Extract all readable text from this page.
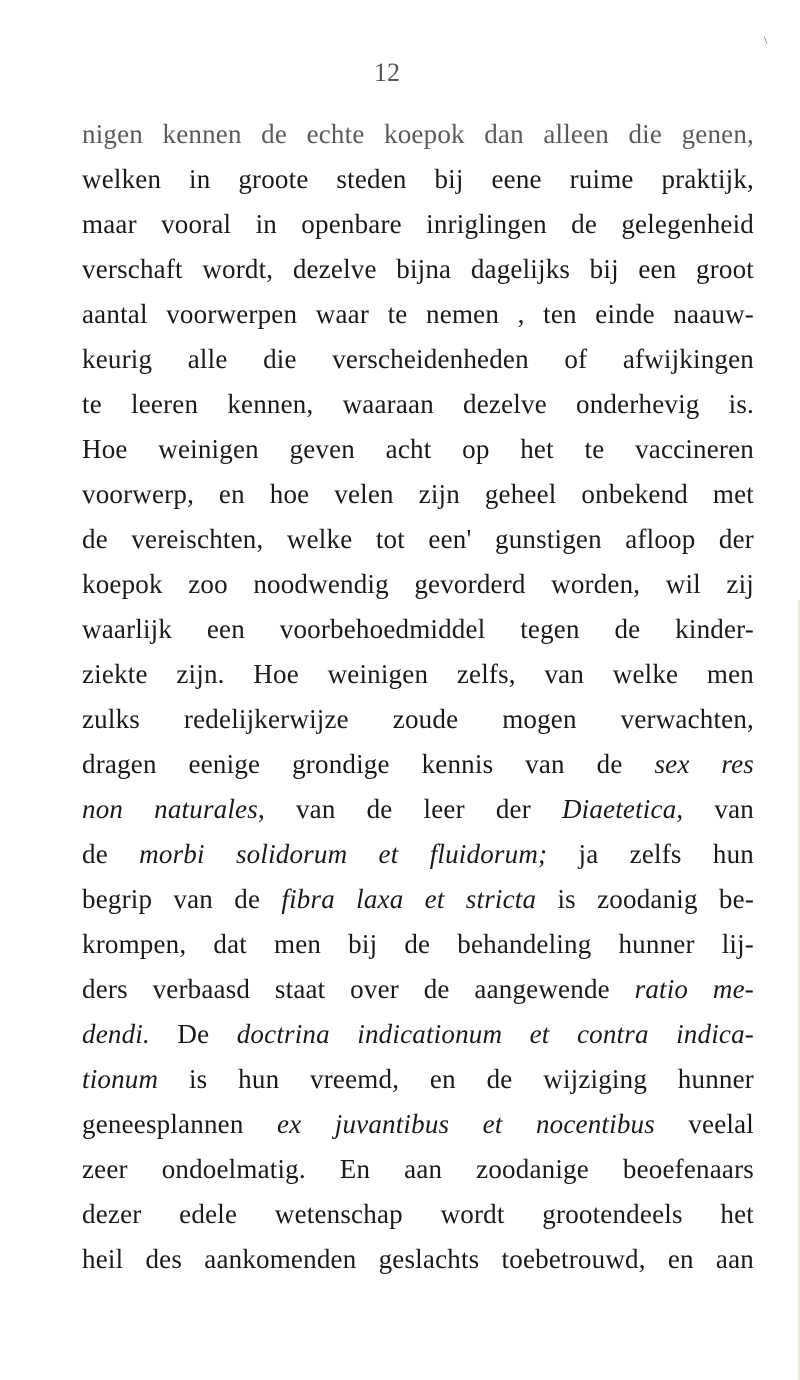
\
12
nigen kennen de echte koepok dan alleen die genen,
welken in groote steden bij eene ruime praktijk,
maar vooral in openbare inriglingen de gelegenheid
verschaft wordt, dezelve bijna dagelijks bij een groot
aantal voorwerpen waar te nemen , ten einde naauw-
keurig alle die verscheidenheden of afwijkingen
te leeren kennen, waaraan dezelve onderhevig is.
Hoe weinigen geven acht op het te vaccineren
voorwerp, en hoe velen zijn geheel onbekend met
de vereischten, welke tot een' gunstigen afloop der
koepok zoo noodwendig gevorderd worden, wil zij
waarlijk een voorbehoedmiddel tegen de kinder-
ziekte zijn. Hoe weinigen zelfs, van welke men
zulks redelijkerwijze zoude mogen verwachten,
dragen eenige grondige kennis van de sex res
non naturales, van de leer der Diaetetica, van
de morbi solidorum et fluidorum; ja zelfs hun
begrip van de fibra laxa et stricta is zoodanig be-
krompen, dat men bij de behandeling hunner lij-
ders verbaasd staat over de aangewende ratio me-
dendi. De doctrina indicationum et contra indica-
tionum is hun vreemd, en de wijziging hunner
geneesplannen ex juvantibus et nocentibus veelal
zeer ondoelmatig. En aan zoodanige beoefenaars
dezer edele wetenschap wordt grootendeels het
heil des aankomenden geslachts toebetrouwd, en aan
